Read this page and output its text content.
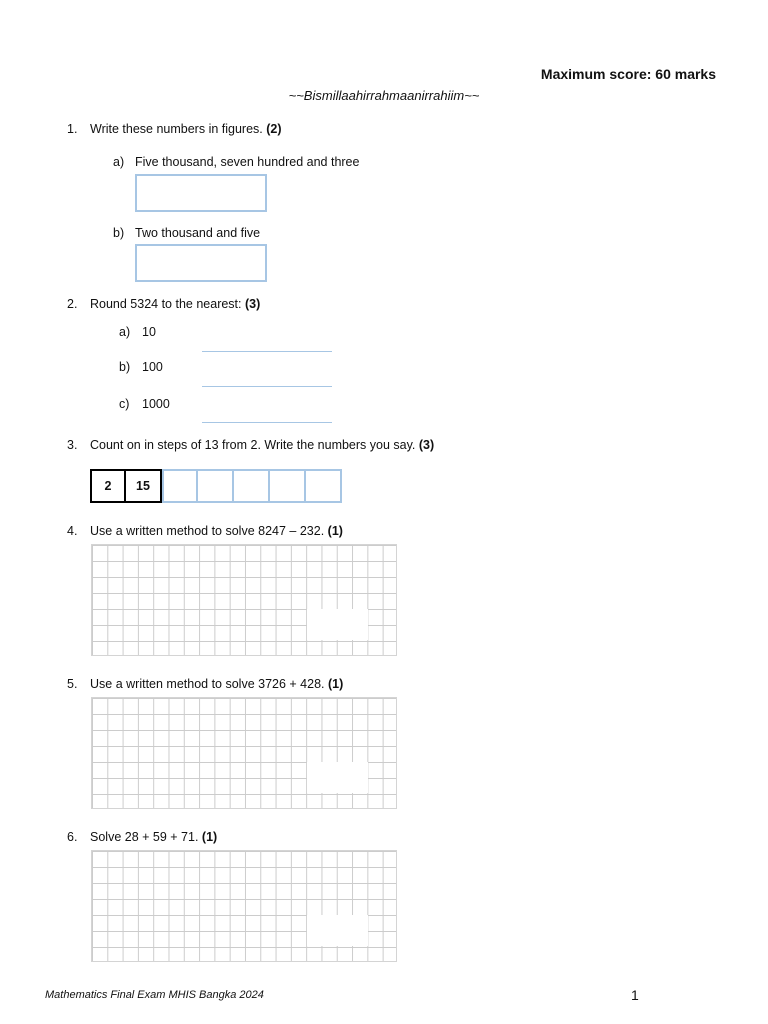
Maximum score: 60 marks
~~Bismillaahirrahmaanirrahiim~~
1. Write these numbers in figures. (2)
a) Five thousand, seven hundred and three
b) Two thousand and five
2. Round 5324 to the nearest: (3)
a) 10
b) 100
c) 1000
3. Count on in steps of 13 from 2. Write the numbers you say. (3)
2	15
4. Use a written method to solve 8247 – 232. (1)
5. Use a written method to solve 3726 + 428. (1)
6. Solve 28 + 59 + 71. (1)
Mathematics Final Exam MHIS Bangka 2024	1
